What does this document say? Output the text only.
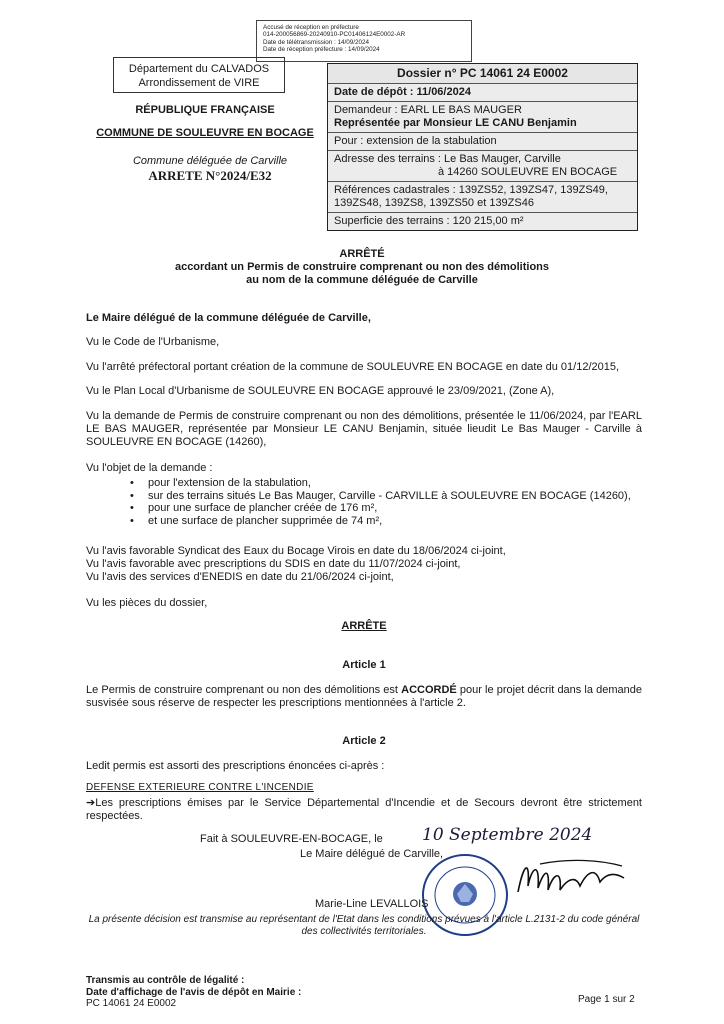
Accusé de réception en préfecture
014-200056869-20240910-PC01406124E0002-AR
Date de télétransmission : 14/09/2024
Date de réception préfecture : 14/09/2024
Département du CALVADOS
Arrondissement de VIRE
RÉPUBLIQUE FRANÇAISE
COMMUNE DE SOULEUVRE EN BOCAGE
Commune déléguée de Carville
ARRETE N°2024/E32
Dossier n° PC 14061 24 E0002
Date de dépôt : 11/06/2024
Demandeur : EARL LE BAS MAUGER
Représentée par Monsieur LE CANU Benjamin
Pour : extension de la stabulation
Adresse des terrains : Le Bas Mauger, Carville
à 14260 SOULEUVRE EN BOCAGE
Références cadastrales : 139ZS52, 139ZS47, 139ZS49,
139ZS48, 139ZS8, 139ZS50 et 139ZS46
Superficie des terrains : 120 215,00 m²
ARRÊTÉ
accordant un Permis de construire comprenant ou non des démolitions
au nom de la commune déléguée de Carville
Le Maire délégué de la commune déléguée de Carville,
Vu le Code de l'Urbanisme,
Vu l'arrêté préfectoral portant création de la commune de SOULEUVRE EN BOCAGE en date du 01/12/2015,
Vu le Plan Local d'Urbanisme de SOULEUVRE EN BOCAGE approuvé le 23/09/2021, (Zone A),
Vu la demande de Permis de construire comprenant ou non des démolitions, présentée le 11/06/2024, par l'EARL LE BAS MAUGER, représentée par Monsieur LE CANU Benjamin, située lieudit Le Bas Mauger - Carville à SOULEUVRE EN BOCAGE (14260),
Vu l'objet de la demande :
• pour l'extension de la stabulation,
• sur des terrains situés Le Bas Mauger, Carville - CARVILLE à SOULEUVRE EN BOCAGE (14260),
• pour une surface de plancher créée de 176 m²,
• et une surface de plancher supprimée de 74 m²,
Vu l'avis favorable Syndicat des Eaux du Bocage Virois en date du 18/06/2024 ci-joint,
Vu l'avis favorable avec prescriptions du SDIS en date du 11/07/2024 ci-joint,
Vu l'avis des services d'ENEDIS en date du 21/06/2024 ci-joint,
Vu les pièces du dossier,
ARRÊTE
Article 1
Le Permis de construire comprenant ou non des démolitions est ACCORDÉ pour le projet décrit dans la demande susvisée sous réserve de respecter les prescriptions mentionnées à l'article 2.
Article 2
Ledit permis est assorti des prescriptions énoncées ci-après :
DEFENSE EXTERIEURE CONTRE L'INCENDIE
➔Les prescriptions émises par le Service Départemental d'Incendie et de Secours devront être strictement respectées.
Fait à SOULEUVRE-EN-BOCAGE, le	10 Septembre 2024
Le Maire délégué de Carville,
Marie-Line LEVALLOIS
La présente décision est transmise au représentant de l'Etat dans les conditions prévues à l'article L.2131-2 du code général des collectivités territoriales.
Transmis au contrôle de légalité :
Date d'affichage de l'avis de dépôt en Mairie :
PC 14061 24 E0002	Page 1 sur 2
